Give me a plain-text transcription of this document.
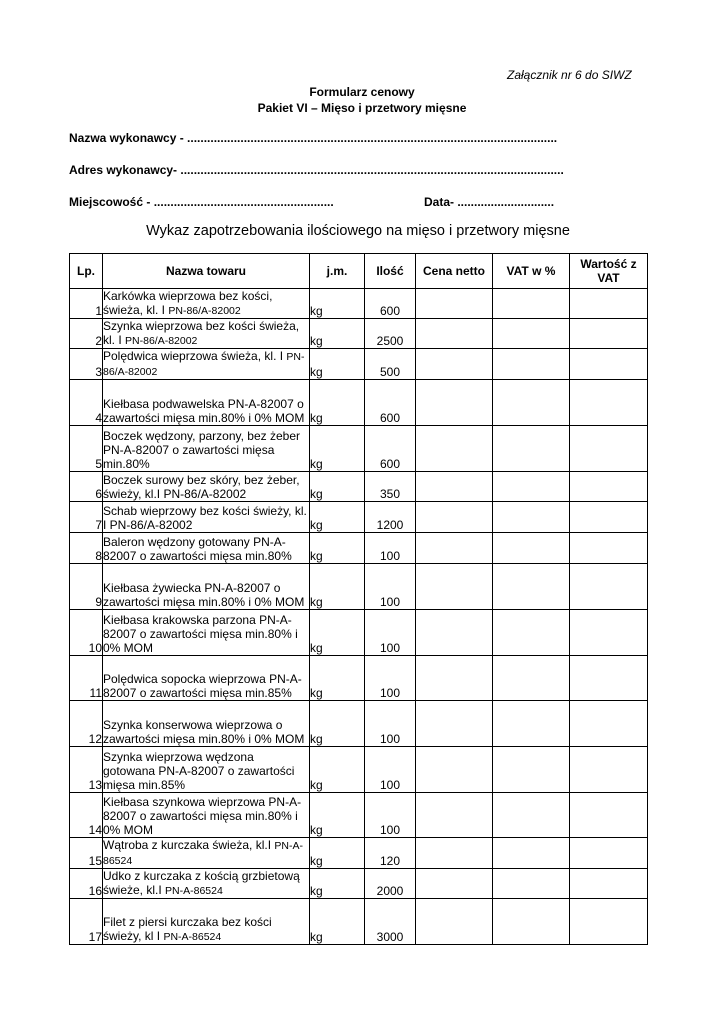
Załącznik nr 6 do SIWZ
Formularz cenowy
Pakiet VI – Mięso i przetwory mięsne
Nazwa wykonawcy - ...............................................................................................................
Adres wykonawcy- ...................................................................................................................
Miejscowość - ......................................................	Data- .............................
Wykaz zapotrzebowania ilościowego na mięso i przetwory mięsne
Lp.	Nazwa towaru	j.m.	Ilość	Cena netto	VAT w %	Wartość z VAT
1	Karkówka wieprzowa bez kości, świeża, kl. I PN-86/A-82002	kg	600			
2	Szynka wieprzowa bez kości świeża, kl. I PN-86/A-82002	kg	2500			
3	Polędwica wieprzowa świeża, kl. I PN-86/A-82002	kg	500			
4	Kiełbasa podwawelska PN-A-82007 o zawartości mięsa min.80% i 0% MOM	kg	600			
5	Boczek wędzony, parzony, bez żeber PN-A-82007 o zawartości mięsa min.80%	kg	600			
6	Boczek surowy bez skóry, bez żeber, świeży, kl.I PN-86/A-82002	kg	350			
7	Schab wieprzowy bez kości świeży, kl. I PN-86/A-82002	kg	1200			
8	Baleron wędzony gotowany PN-A-82007 o zawartości mięsa min.80%	kg	100			
9	Kiełbasa żywiecka PN-A-82007 o zawartości mięsa min.80% i 0% MOM	kg	100			
10	Kiełbasa krakowska parzona PN-A-82007 o zawartości mięsa min.80% i 0% MOM	kg	100			
11	Polędwica sopocka wieprzowa PN-A-82007 o zawartości mięsa min.85%	kg	100			
12	Szynka konserwowa wieprzowa o zawartości mięsa min.80% i 0% MOM	kg	100			
13	Szynka wieprzowa wędzona gotowana PN-A-82007 o zawartości mięsa min.85%	kg	100			
14	Kiełbasa szynkowa wieprzowa PN-A-82007 o zawartości mięsa min.80% i 0% MOM	kg	100			
15	Wątroba z kurczaka świeża, kl.I PN-A-86524	kg	120			
16	Udko z kurczaka z kością grzbietową świeże, kl.I PN-A-86524	kg	2000			
17	Filet z piersi kurczaka bez kości świeży, kl I PN-A-86524	kg	3000			
